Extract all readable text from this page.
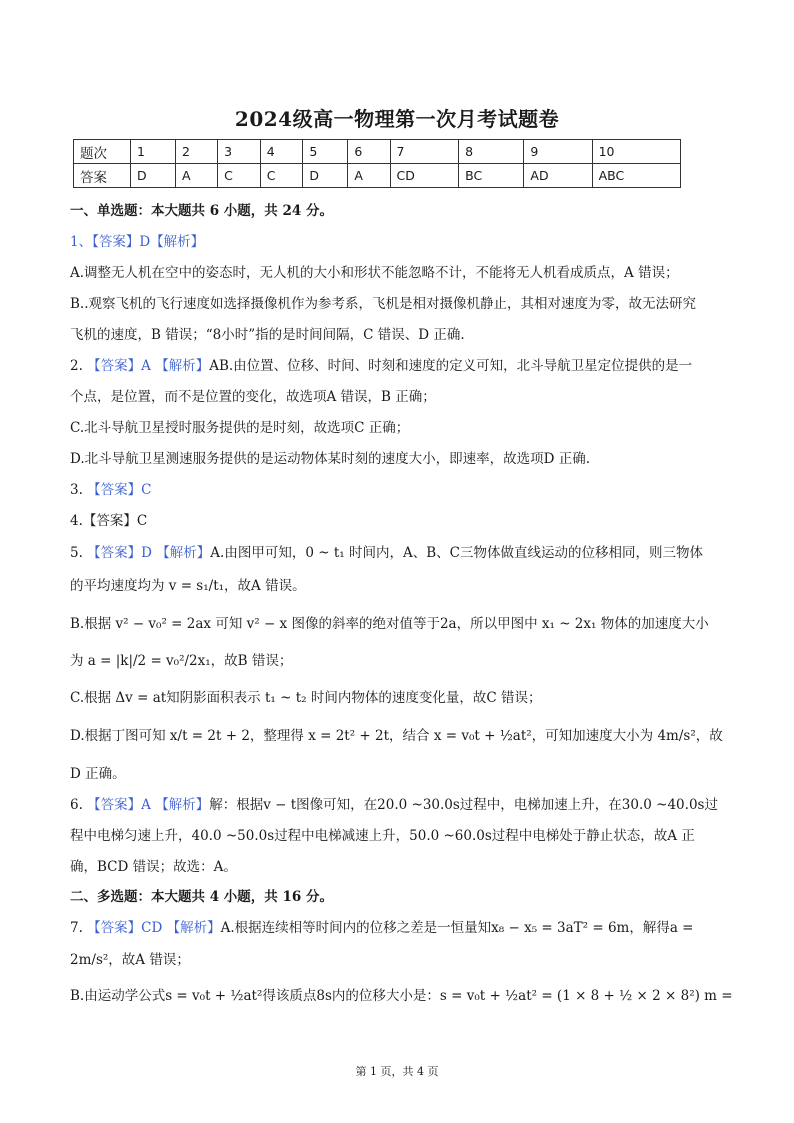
2024级高一物理第一次月考试题卷
题次	1	2	3	4	5	6	7	8	9	10
答案	D	A	C	C	D	A	CD	BC	AD	ABC
一、单选题：本大题共 6 小题，共 24 分。
1、【答案】D【解析】
A.调整无人机在空中的姿态时，无人机的大小和形状不能忽略不计，不能将无人机看成质点，A 错误；
B..观察飞机的飞行速度如选择摄像机作为参考系，飞机是相对摄像机静止，其相对速度为零，故无法研究
飞机的速度，B 错误；“8小时”指的是时间间隔，C 错误、D 正确.
2. 【答案】A 【解析】AB.由位置、位移、时间、时刻和速度的定义可知，北斗导航卫星定位提供的是一
个点，是位置，而不是位置的变化，故选项A 错误，B 正确；
C.北斗导航卫星授时服务提供的是时刻，故选项C 正确；
D.北斗导航卫星测速服务提供的是运动物体某时刻的速度大小，即速率，故选项D 正确.
3. 【答案】C
4.【答案】C
5. 【答案】D 【解析】A.由图甲可知，0 ~ t₁ 时间内，A、B、C三物体做直线运动的位移相同，则三物体
的平均速度均为 v = s₁/t₁，故A 错误。
B.根据 v² − v₀² = 2ax 可知 v² − x 图像的斜率的绝对值等于2a，所以甲图中 x₁ ~ 2x₁ 物体的加速度大小
为 a = |k|/2 = v₀²/2x₁，故B 错误；
C.根据 Δv = at知阴影面积表示 t₁ ~ t₂ 时间内物体的速度变化量，故C 错误；
D.根据丁图可知 x/t = 2t + 2，整理得 x = 2t² + 2t，结合 x = v₀t + ½at²，可知加速度大小为 4m/s²，故
D 正确。
6. 【答案】A 【解析】解：根据v − t图像可知，在20.0 ~30.0s过程中，电梯加速上升，在30.0 ~40.0s过
程中电梯匀速上升，40.0 ~50.0s过程中电梯减速上升，50.0 ~60.0s过程中电梯处于静止状态，故A 正
确，BCD 错误；故选：A。
二、多选题：本大题共 4 小题，共 16 分。
7. 【答案】CD 【解析】A.根据连续相等时间内的位移之差是一恒量知x₈ − x₅ = 3aT² = 6m，解得a =
2m/s²，故A 错误；
B.由运动学公式s = v₀t + ½at²得该质点8s内的位移大小是：s = v₀t + ½at² = (1 × 8 + ½ × 2 × 8²) m =
第 1 页，共 4 页
